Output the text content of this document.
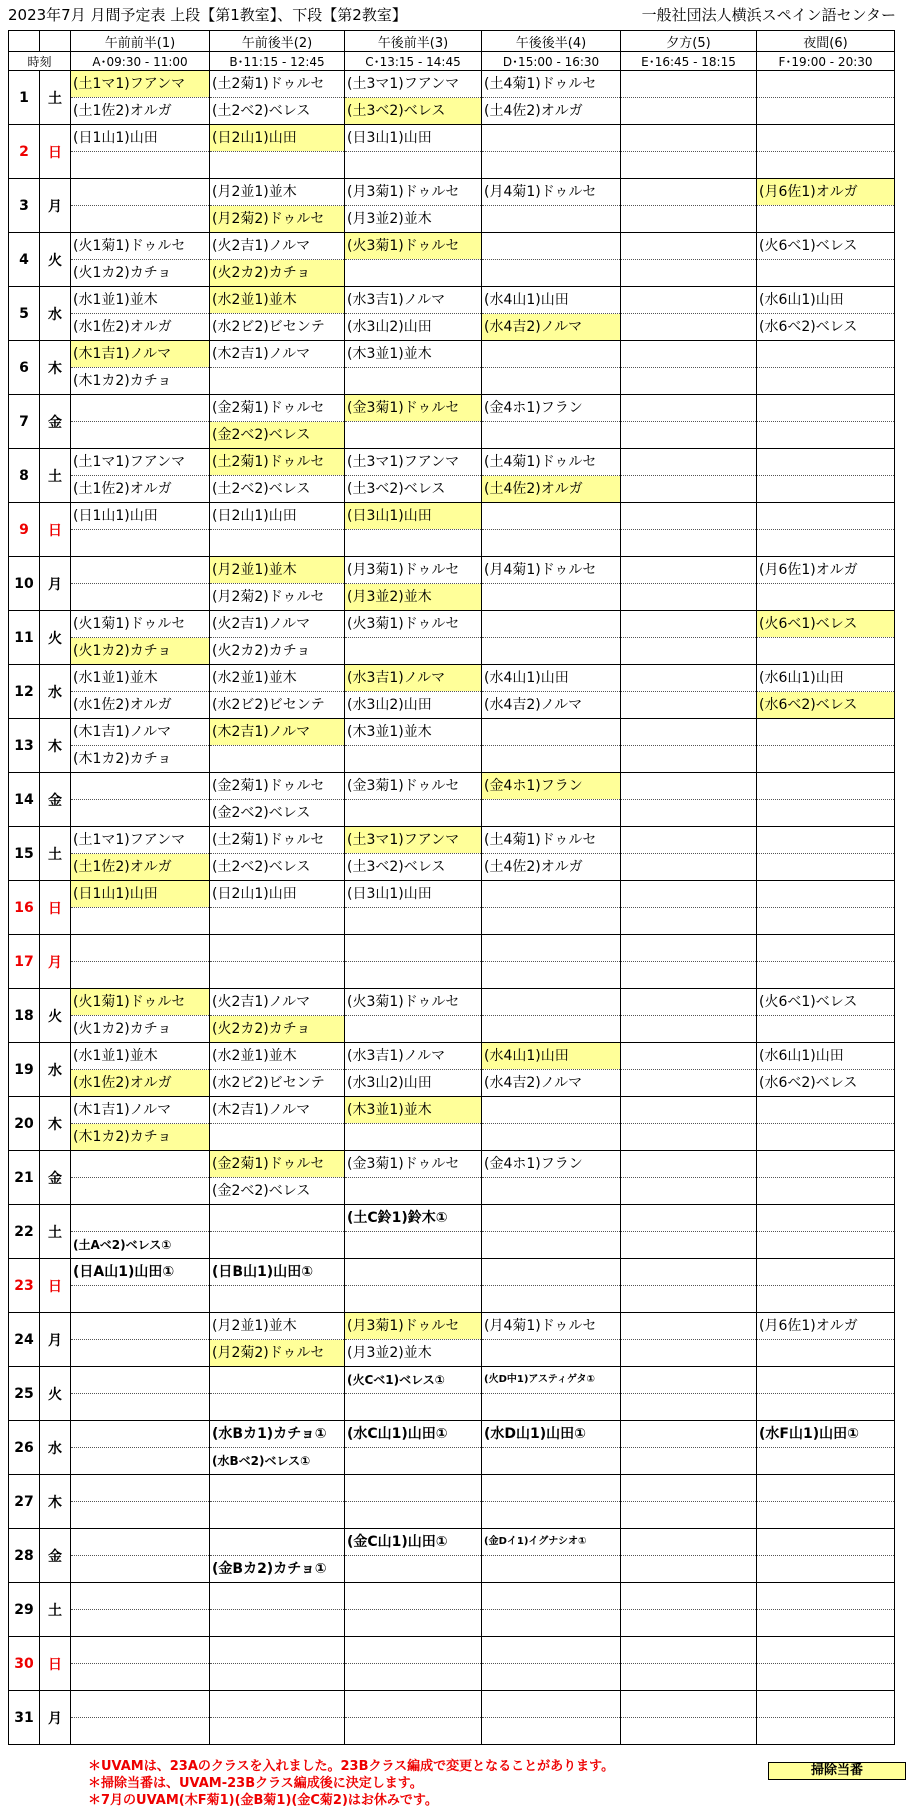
2023年7月 月間予定表 上段【第1教室】、下段【第2教室】	一般社団法人横浜スペイン語センター
		午前前半(1)	午前後半(2)	午後前半(3)	午後後半(4)	夕方(5)	夜間(6)
時刻		A･09:30 - 11:00	B･11:15 - 12:45	C･13:15 - 14:45	D･15:00 - 16:30	E･16:45 - 18:15	F･19:00 - 20:30
1	土	(土1マ1)フアンマ	(土2菊1)ドゥルセ	(土3マ1)フアンマ	(土4菊1)ドゥルセ		
		(土1佐2)オルガ	(土2ベ2)ベレス	(土3ベ2)ベレス	(土4佐2)オルガ		
2	日	(日1山1)山田	(日2山1)山田	(日3山1)山田			

3	月		(月2並1)並木	(月3菊1)ドゥルセ	(月4菊1)ドゥルセ		(月6佐1)オルガ
			(月2菊2)ドゥルセ	(月3並2)並木			
4	火	(火1菊1)ドゥルセ	(火2吉1)ノルマ	(火3菊1)ドゥルセ			(火6ベ1)ベレス
		(火1カ2)カチョ	(火2カ2)カチョ				
5	水	(水1並1)並木	(水2並1)並木	(水3吉1)ノルマ	(水4山1)山田		(水6山1)山田
		(水1佐2)オルガ	(水2ビ2)ビセンテ	(水3山2)山田	(水4吉2)ノルマ		(水6ベ2)ベレス
6	木	(木1吉1)ノルマ	(木2吉1)ノルマ	(木3並1)並木			
		(木1カ2)カチョ					
7	金		(金2菊1)ドゥルセ	(金3菊1)ドゥルセ	(金4ホ1)フラン		
			(金2ベ2)ベレス				
8	土	(土1マ1)フアンマ	(土2菊1)ドゥルセ	(土3マ1)フアンマ	(土4菊1)ドゥルセ		
		(土1佐2)オルガ	(土2ベ2)ベレス	(土3ベ2)ベレス	(土4佐2)オルガ		
9	日	(日1山1)山田	(日2山1)山田	(日3山1)山田			

10	月		(月2並1)並木	(月3菊1)ドゥルセ	(月4菊1)ドゥルセ		(月6佐1)オルガ
			(月2菊2)ドゥルセ	(月3並2)並木			
11	火	(火1菊1)ドゥルセ	(火2吉1)ノルマ	(火3菊1)ドゥルセ			(火6ベ1)ベレス
		(火1カ2)カチョ	(火2カ2)カチョ				
12	水	(水1並1)並木	(水2並1)並木	(水3吉1)ノルマ	(水4山1)山田		(水6山1)山田
		(水1佐2)オルガ	(水2ビ2)ビセンテ	(水3山2)山田	(水4吉2)ノルマ		(水6ベ2)ベレス
13	木	(木1吉1)ノルマ	(木2吉1)ノルマ	(木3並1)並木			
		(木1カ2)カチョ					
14	金		(金2菊1)ドゥルセ	(金3菊1)ドゥルセ	(金4ホ1)フラン		
			(金2ベ2)ベレス				
15	土	(土1マ1)フアンマ	(土2菊1)ドゥルセ	(土3マ1)フアンマ	(土4菊1)ドゥルセ		
		(土1佐2)オルガ	(土2ベ2)ベレス	(土3ベ2)ベレス	(土4佐2)オルガ		
16	日	(日1山1)山田	(日2山1)山田	(日3山1)山田			

17	月						

18	火	(火1菊1)ドゥルセ	(火2吉1)ノルマ	(火3菊1)ドゥルセ			(火6ベ1)ベレス
		(火1カ2)カチョ	(火2カ2)カチョ				
19	水	(水1並1)並木	(水2並1)並木	(水3吉1)ノルマ	(水4山1)山田		(水6山1)山田
		(水1佐2)オルガ	(水2ビ2)ビセンテ	(水3山2)山田	(水4吉2)ノルマ		(水6ベ2)ベレス
20	木	(木1吉1)ノルマ	(木2吉1)ノルマ	(木3並1)並木			
		(木1カ2)カチョ					
21	金		(金2菊1)ドゥルセ	(金3菊1)ドゥルセ	(金4ホ1)フラン		
			(金2ベ2)ベレス				
22	土			(土C鈴1)鈴木①			
		(土Aベ2)ベレス①					
23	日	(日A山1)山田①	(日B山1)山田①				

24	月		(月2並1)並木	(月3菊1)ドゥルセ	(月4菊1)ドゥルセ		(月6佐1)オルガ
			(月2菊2)ドゥルセ	(月3並2)並木			
25	火			(火Cベ1)ベレス①	(火D中1)アスティゲタ①		

26	水		(水Bカ1)カチョ①	(水C山1)山田①	(水D山1)山田①		(水F山1)山田①
			(水Bベ2)ベレス①				
27	木						

28	金			(金C山1)山田①	(金Dイ1)イグナシオ①		
			(金Bカ2)カチョ①				
29	土						

30	日						

31	月						

＊UVAMは、23Aのクラスを入れました。23Bクラス編成で変更となることがあります。
＊掃除当番は、UVAM-23Bクラス編成後に決定します。
＊7月のUVAM(木F菊1)(金B菊1)(金C菊2)はお休みです。
掃除当番
